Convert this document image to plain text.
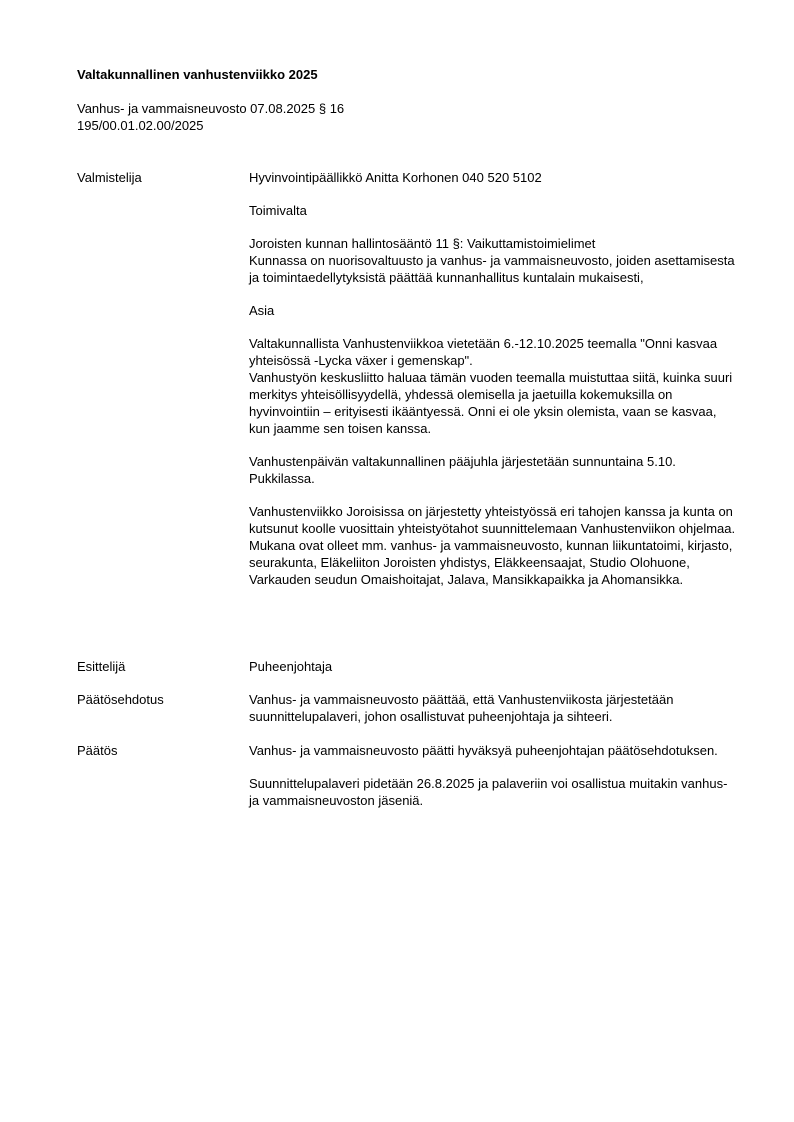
Valtakunnallinen vanhustenviikko 2025
Vanhus- ja vammaisneuvosto 07.08.2025 § 16
195/00.01.02.00/2025
Valmistelija	Hyvinvointipäällikkö Anitta Korhonen 040 520 5102

Toimivalta

Joroisten kunnan hallintosääntö 11 §: Vaikuttamistoimielimet
Kunnassa on nuorisovaltuusto ja vanhus- ja vammaisneuvosto, joiden asettamisesta ja toimintaedellytyksistä päättää kunnanhallitus kuntalain mukaisesti,

Asia

Valtakunnallista Vanhustenviikkoa vietetään 6.-12.10.2025 teemalla "Onni kasvaa yhteisössä -Lycka växer i gemenskap".
Vanhustyön keskusliitto haluaa tämän vuoden teemalla muistuttaa siitä, kuinka suuri merkitys yhteisöllisyydellä, yhdessä olemisella ja jaetuilla kokemuksilla on hyvinvointiin – erityisesti ikääntyessä. Onni ei ole yksin olemista, vaan se kasvaa, kun jaamme sen toisen kanssa.

Vanhustenpäivän valtakunnallinen pääjuhla järjestetään sunnuntaina 5.10. Pukkilassa.

Vanhustenviikko Joroisissa on järjestetty yhteistyössä eri tahojen kanssa ja kunta on kutsunut koolle vuosittain yhteistyötahot suunnittelemaan Vanhustenviikon ohjelmaa. Mukana ovat olleet mm. vanhus- ja vammaisneuvosto, kunnan liikuntatoimi, kirjasto, seurakunta, Eläkeliiton Joroisten yhdistys, Eläkkeensaajat, Studio Olohuone, Varkauden seudun Omaishoitajat, Jalava, Mansikkapaikka ja Ahomansikka.

Esittelijä	Puheenjohtaja
Päätösehdotus	Vanhus- ja vammaisneuvosto päättää, että Vanhustenviikosta järjestetään suunnittelupalaveri, johon osallistuvat puheenjohtaja ja sihteeri.
Päätös	Vanhus- ja vammaisneuvosto päätti hyväksyä puheenjohtajan päätösehdotuksen.

Suunnittelupalaveri pidetään 26.8.2025 ja palaveriin voi osallistua muitakin vanhus- ja vammaisneuvoston jäseniä.
